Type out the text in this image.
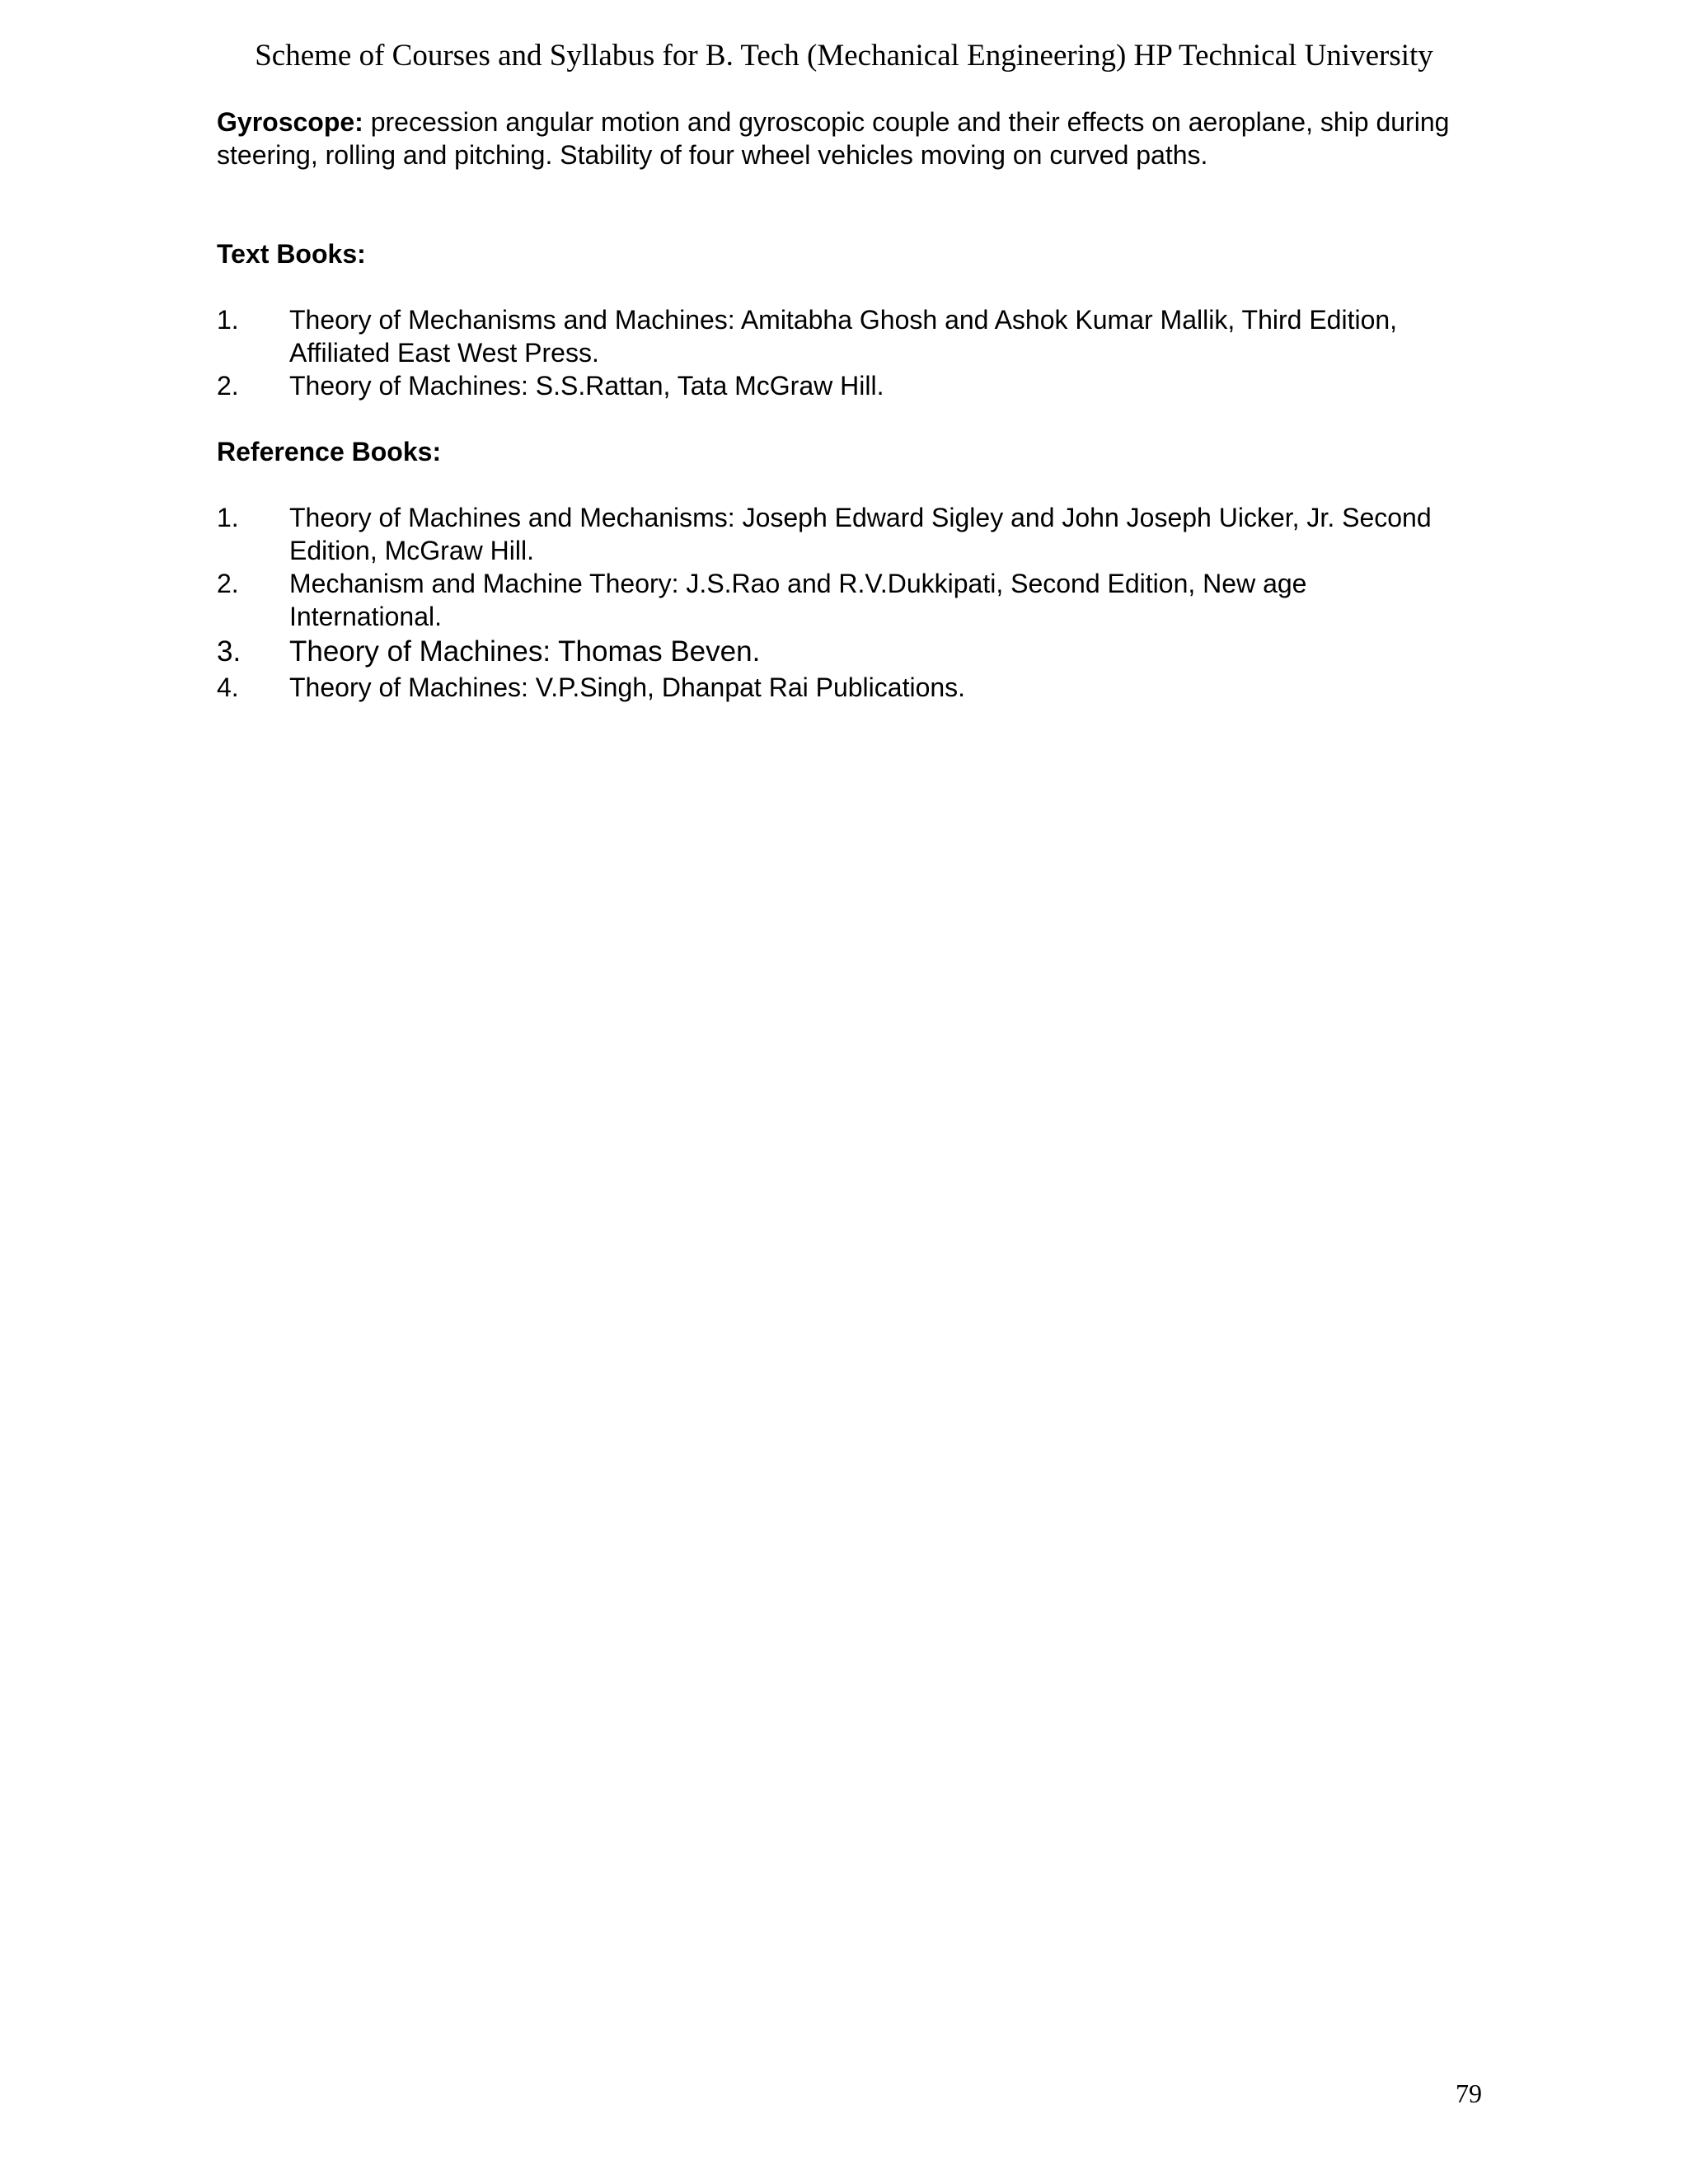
Scheme of Courses and Syllabus for B. Tech (Mechanical Engineering) HP Technical University

Gyroscope: precession angular motion and gyroscopic couple and their effects on aeroplane, ship during steering, rolling and pitching. Stability of four wheel vehicles moving on curved paths.

Text Books:
1.	Theory of Mechanisms and Machines: Amitabha Ghosh and Ashok Kumar Mallik, Third Edition, Affiliated East West Press.
2.	Theory of Machines: S.S.Rattan, Tata McGraw Hill.
Reference Books:
1.	Theory of Machines and Mechanisms: Joseph Edward Sigley and John Joseph Uicker, Jr. Second Edition, McGraw Hill.
2.	Mechanism and Machine Theory: J.S.Rao and R.V.Dukkipati, Second Edition, New age International.
3.	Theory of Machines: Thomas Beven.
4.	Theory of Machines: V.P.Singh, Dhanpat Rai Publications.
79
